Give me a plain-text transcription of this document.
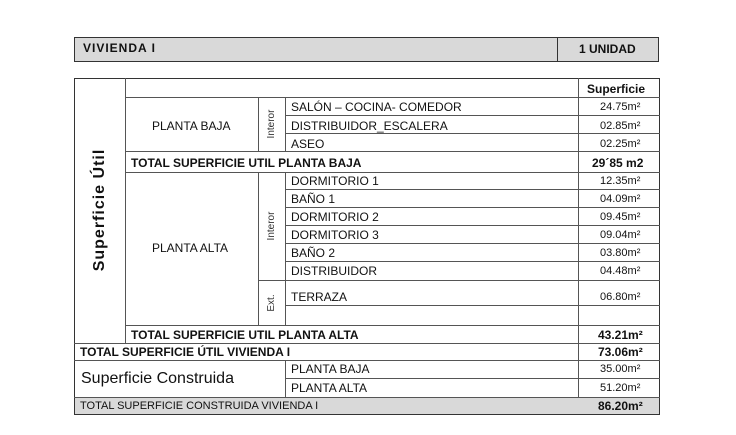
VIVIENDA I	1 UNIDAD
Superficie
Superficie Útil
PLANTA BAJA	Interor
SALÓN – COCINA- COMEDOR	24.75m²
DISTRIBUIDOR_ESCALERA	02.85m²
ASEO	02.25m²
TOTAL SUPERFICIE UTIL PLANTA BAJA	29´85 m2
PLANTA ALTA
Interor
DORMITORIO 1	12.35m²
BAÑO 1	04.09m²
DORMITORIO 2	09.45m²
DORMITORIO 3	09.04m²
BAÑO 2	03.80m²
DISTRIBUIDOR	04.48m²
Ext. TERRAZA	06.80m²
TOTAL SUPERFICIE UTIL PLANTA ALTA	43.21m²
TOTAL SUPERFICIE ÚTIL VIVIENDA I	73.06m²
Superficie Construida
PLANTA BAJA	35.00m²
PLANTA ALTA	51.20m²
TOTAL SUPERFICIE CONSTRUIDA VIVIENDA I	86.20m²
